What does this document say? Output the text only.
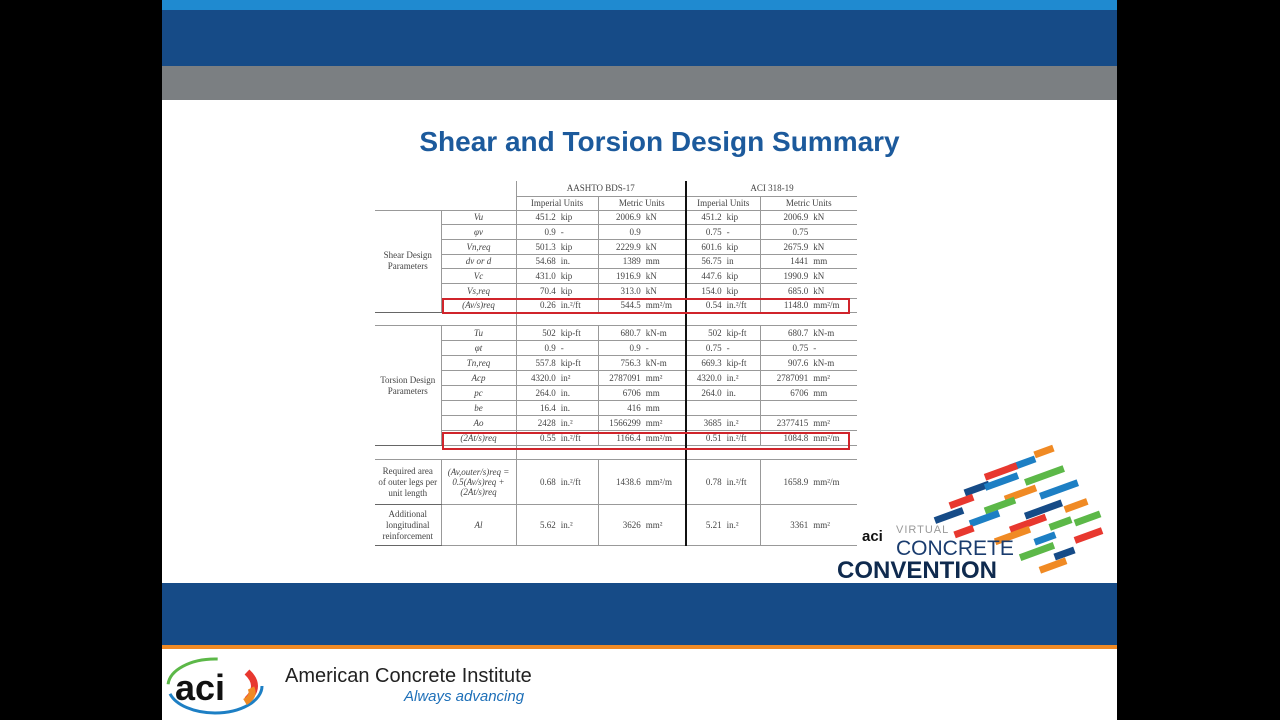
Shear and Torsion Design Summary
		AASHTO BDS-17		ACI 318-19	
		Imperial Units	Metric Units	Imperial Units	Metric Units
Shear Design Parameters	Vu	451.2 kip	2006.9 kN	451.2 kip	2006.9 kN
	φv	0.9 -	0.9	0.75 -	0.75
	Vn,req	501.3 kip	2229.9 kN	601.6 kip	2675.9 kN
	dv or d	54.68 in.	1389 mm	56.75 in	1441 mm
	Vc	431.0 kip	1916.9 kN	447.6 kip	1990.9 kN
	Vs,req	70.4 kip	313.0 kN	154.0 kip	685.0 kN
	(Av/s)req	0.26 in.²/ft	544.5 mm²/m	0.54 in.²/ft	1148.0 mm²/m

Torsion Design Parameters	Tu	502 kip-ft	680.7 kN-m	502 kip-ft	680.7 kN-m
	φt	0.9 -	0.9 -	0.75 -	0.75 -
	Tn,req	557.8 kip-ft	756.3 kN-m	669.3 kip-ft	907.6 kN-m
	Acp	4320.0 in²	2787091 mm²	4320.0 in.²	2787091 mm²
	pc	264.0 in.	6706 mm	264.0 in.	6706 mm
	be	16.4 in.	416 mm		
	Ao	2428 in.²	1566299 mm²	3685 in.²	2377415 mm²
	(2At/s)req	0.55 in.²/ft	1166.4 mm²/m	0.51 in.²/ft	1084.8 mm²/m

Required area of outer legs per unit length	(Av,outer/s)req = 0.5(Av/s)req + (2At/s)req	0.68 in.²/ft	1438.6 mm²/m	0.78 in.²/ft	1658.9 mm²/m
Additional longitudinal reinforcement	Al	5.62 in.²	3626 mm²	5.21 in.²	3361 mm²
aci VIRTUAL
CONCRETE
CONVENTION
aci	American Concrete Institute
Always advancing
